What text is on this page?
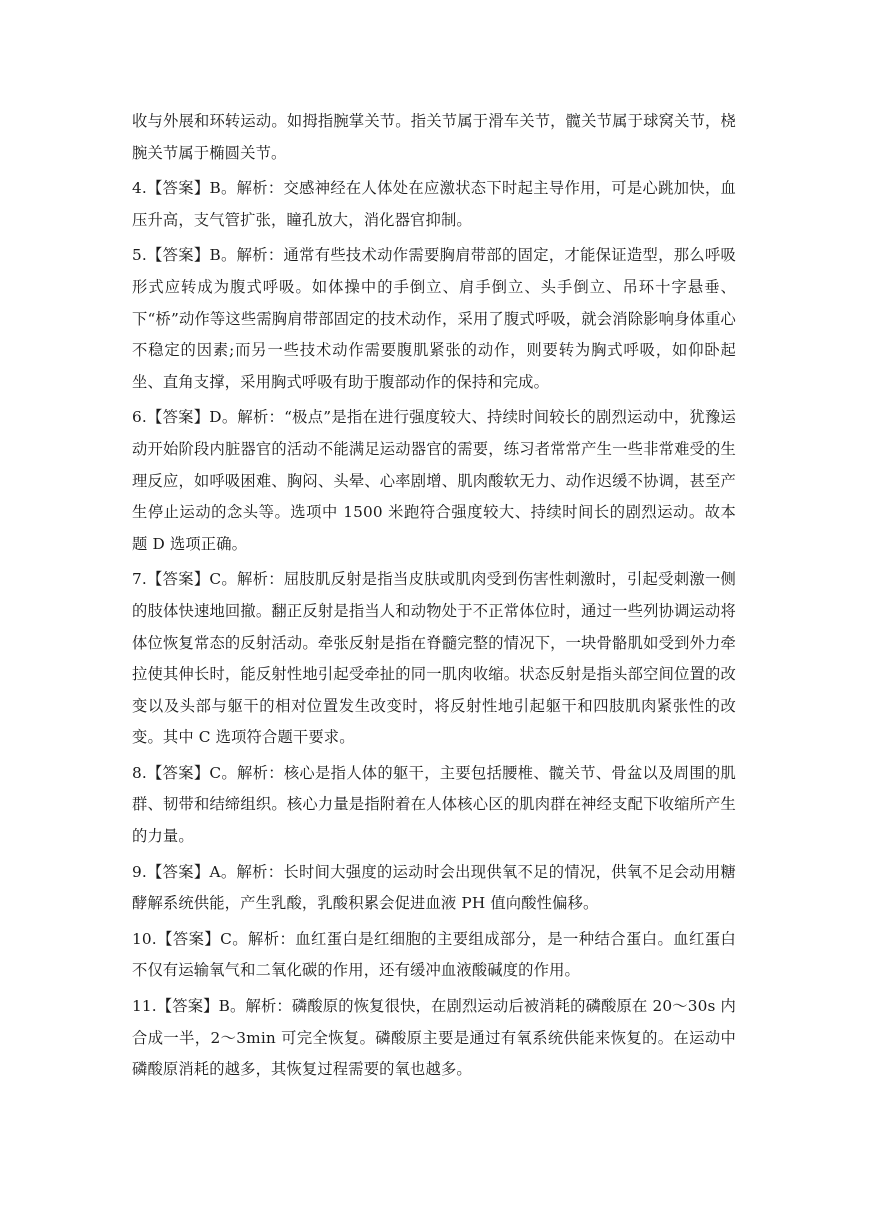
收与外展和环转运动。如拇指腕掌关节。指关节属于滑车关节，髋关节属于球窝关节，桡腕关节属于椭圆关节。

4.【答案】B。解析：交感神经在人体处在应激状态下时起主导作用，可是心跳加快，血压升高，支气管扩张，瞳孔放大，消化器官抑制。

5.【答案】B。解析：通常有些技术动作需要胸肩带部的固定，才能保证造型，那么呼吸形式应转成为腹式呼吸。如体操中的手倒立、肩手倒立、头手倒立、吊环十字悬垂、下“桥”动作等这些需胸肩带部固定的技术动作，采用了腹式呼吸，就会消除影响身体重心不稳定的因素;而另一些技术动作需要腹肌紧张的动作，则要转为胸式呼吸，如仰卧起坐、直角支撑，采用胸式呼吸有助于腹部动作的保持和完成。

6.【答案】D。解析：“极点”是指在进行强度较大、持续时间较长的剧烈运动中，犹豫运动开始阶段内脏器官的活动不能满足运动器官的需要，练习者常常产生一些非常难受的生理反应，如呼吸困难、胸闷、头晕、心率剧增、肌肉酸软无力、动作迟缓不协调，甚至产生停止运动的念头等。选项中 1500 米跑符合强度较大、持续时间长的剧烈运动。故本题 D 选项正确。

7.【答案】C。解析：屈肢肌反射是指当皮肤或肌肉受到伤害性刺激时，引起受刺激一侧的肢体快速地回撤。翻正反射是指当人和动物处于不正常体位时，通过一些列协调运动将体位恢复常态的反射活动。牵张反射是指在脊髓完整的情况下，一块骨骼肌如受到外力牵拉使其伸长时，能反射性地引起受牵扯的同一肌肉收缩。状态反射是指头部空间位置的改变以及头部与躯干的相对位置发生改变时，将反射性地引起躯干和四肢肌肉紧张性的改变。其中 C 选项符合题干要求。

8.【答案】C。解析：核心是指人体的躯干，主要包括腰椎、髋关节、骨盆以及周围的肌群、韧带和结缔组织。核心力量是指附着在人体核心区的肌肉群在神经支配下收缩所产生的力量。

9.【答案】A。解析：长时间大强度的运动时会出现供氧不足的情况，供氧不足会动用糖酵解系统供能，产生乳酸，乳酸积累会促进血液 PH 值向酸性偏移。

10.【答案】C。解析：血红蛋白是红细胞的主要组成部分，是一种结合蛋白。血红蛋白不仅有运输氧气和二氧化碳的作用，还有缓冲血液酸碱度的作用。

11.【答案】B。解析：磷酸原的恢复很快，在剧烈运动后被消耗的磷酸原在 20～30s 内合成一半，2～3min 可完全恢复。磷酸原主要是通过有氧系统供能来恢复的。在运动中磷酸原消耗的越多，其恢复过程需要的氧也越多。
